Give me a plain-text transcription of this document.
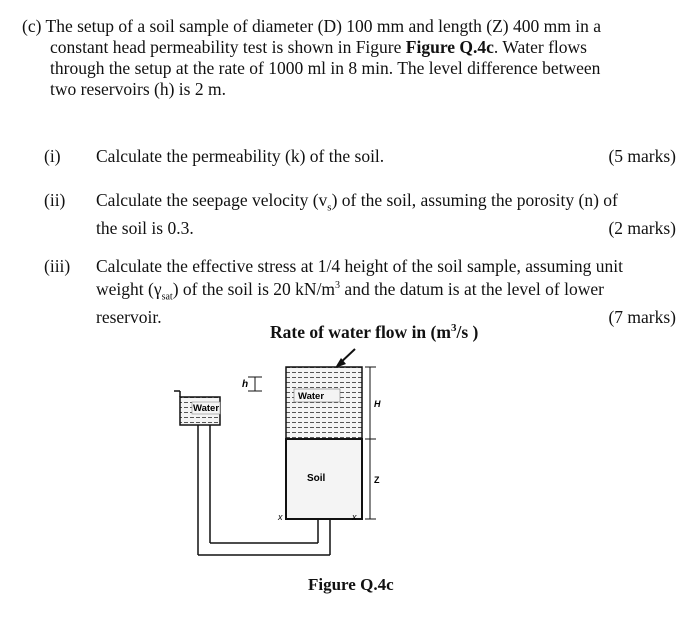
(c) The setup of a soil sample of diameter (D) 100 mm and length (Z) 400 mm in a

constant head permeability test is shown in Figure Figure Q.4c. Water flows

through the setup at the rate of 1000 ml in 8 min. The level difference between

two reservoirs (h) is 2 m.

(i)	(5 marks)
Calculate the permeability (k) of the soil.
(ii) Calculate the seepage velocity $(v_s)$ of the soil, assuming the porosity (n) of
(2 marks)
the soil is 0.3.
(iii) Calculate the effective stress at 1/4 height of the soil sample, assuming unit
weight $(\gamma_{sat})$ of the soil is 20 $kN/m^3$ and the datum is at the level of lower
(7 marks)
reservoir.
Rate of water flow in ($m^3/s$ )
Water
h
Water
Soil
H
Z
x	x
Figure Q.4c
